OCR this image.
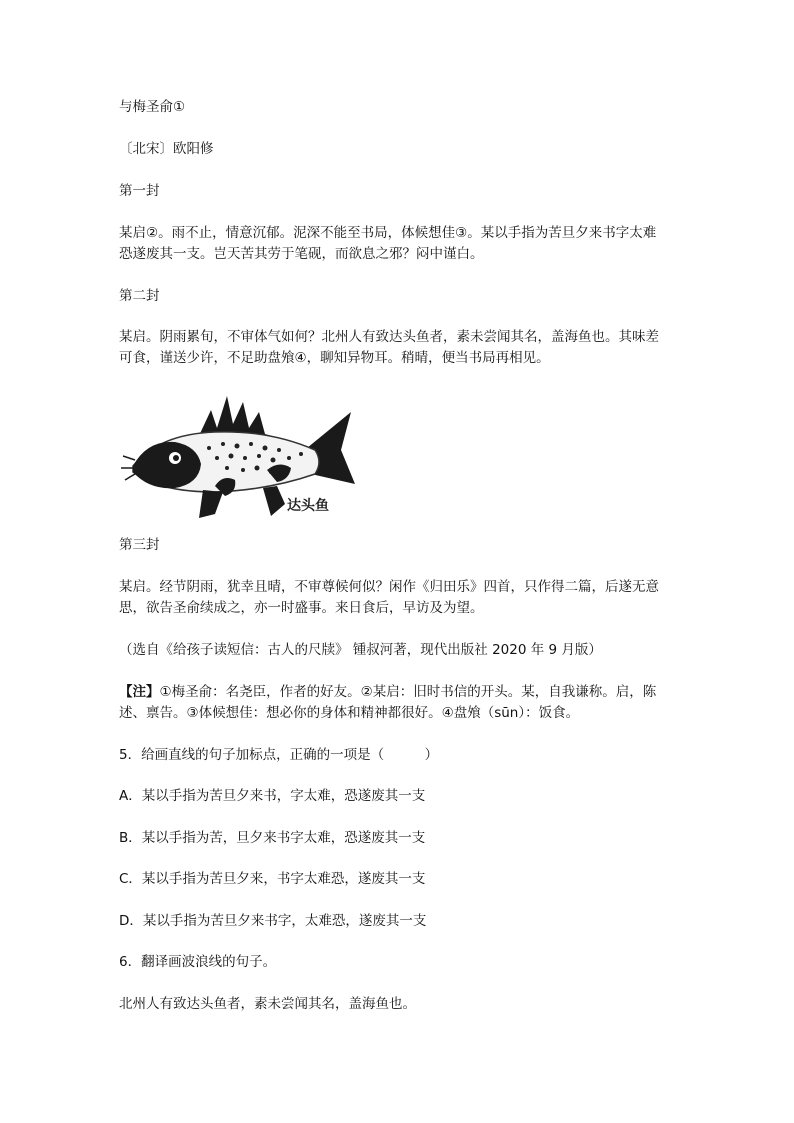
与梅圣俞①
〔北宋〕欧阳修
第一封
某启②。雨不止，情意沉郁。泥深不能至书局，体候想佳③。某以手指为苦旦夕来书字太难
恐遂废其一支。岂天苦其劳于笔砚，而欲息之邪？闷中谨白。
第二封
某启。阴雨累旬，不审体气如何？北州人有致达头鱼者，素未尝闻其名，盖海鱼也。其味差
可食，谨送少许，不足助盘飧④，聊知异物耳。稍晴，便当书局再相见。
达头鱼
第三封
某启。经节阴雨，犹幸且晴，不审尊候何似？闲作《归田乐》四首，只作得二篇，后遂无意
思，欲告圣俞续成之，亦一时盛事。来日食后，早访及为望。
（选自《给孩子读短信：古人的尺牍》 锺叔河著，现代出版社 2020 年 9 月版）
【注】①梅圣俞：名尧臣，作者的好友。②某启：旧时书信的开头。某，自我谦称。启，陈
述、禀告。③体候想佳：想必你的身体和精神都很好。④盘飧（sūn）：饭食。
5．给画直线的句子加标点，正确的一项是（　　　）
A．某以手指为苦旦夕来书，字太难，恐遂废其一支
B．某以手指为苦，旦夕来书字太难，恐遂废其一支
C．某以手指为苦旦夕来，书字太难恐，遂废其一支
D．某以手指为苦旦夕来书字，太难恐，遂废其一支
6．翻译画波浪线的句子。
北州人有致达头鱼者，素未尝闻其名，盖海鱼也。
